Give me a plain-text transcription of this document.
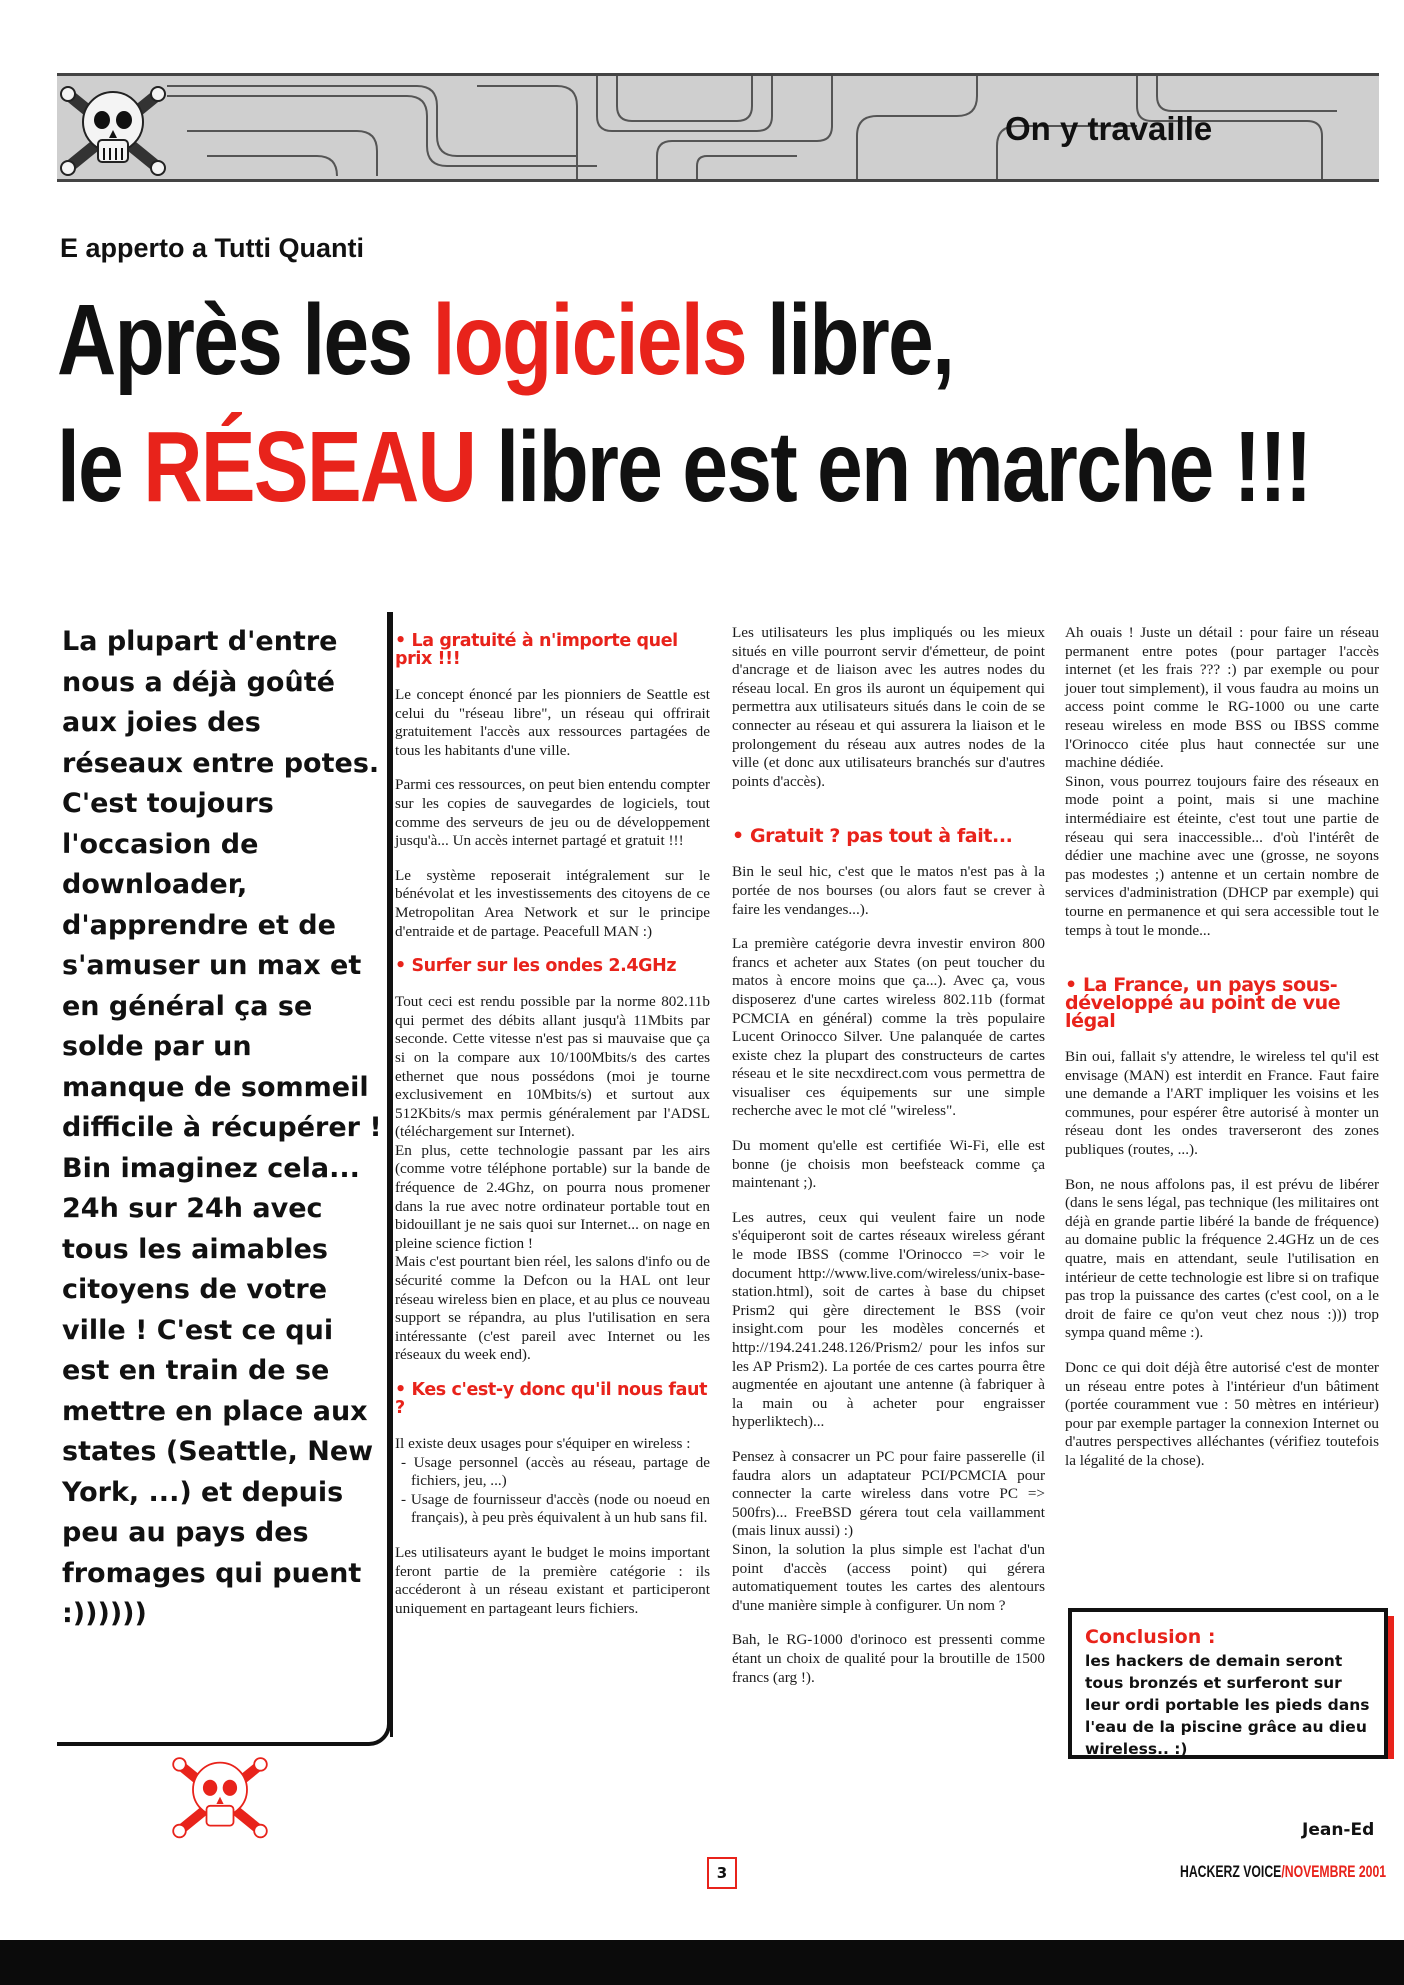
On y travaille
E apperto a Tutti Quanti
Après les logiciels libre,
le RÉSEAU libre est en marche !!!
La plupart d'entre nous a déjà goûté aux joies des réseaux entre potes. C'est toujours l'occasion de downloader, d'apprendre et de s'amuser un max et en général ça se solde par un manque de sommeil difficile à récupérer ! Bin imaginez cela... 24h sur 24h avec tous les aimables citoyens de votre ville ! C'est ce qui est en train de se mettre en place aux states (Seattle, New York, ...) et depuis peu au pays des fromages qui puent :))))))
• La gratuité à n'importe quel prix !!!

Le concept énoncé par les pionniers de Seattle est celui du "réseau libre", un réseau qui offrirait gratuitement l'accès aux ressources partagées de tous les habitants d'une ville.

Parmi ces ressources, on peut bien entendu compter sur les copies de sauvegardes de logiciels, tout comme des serveurs de jeu ou de développement jusqu'à... Un accès internet partagé et gratuit !!!

Le système reposerait intégralement sur le bénévolat et les investissements des citoyens de ce Metropolitan Area Network et sur le principe d'entraide et de partage. Peacefull MAN :)

• Surfer sur les ondes 2.4GHz

Tout ceci est rendu possible par la norme 802.11b qui permet des débits allant jusqu'à 11Mbits par seconde. Cette vitesse n'est pas si mauvaise que ça si on la compare aux 10/100Mbits/s des cartes ethernet que nous possédons (moi je tourne exclusivement en 10Mbits/s) et surtout aux 512Kbits/s max permis généralement par l'ADSL (téléchargement sur Internet).

En plus, cette technologie passant par les airs (comme votre téléphone portable) sur la bande de fréquence de 2.4Ghz, on pourra nous promener dans la rue avec notre ordinateur portable tout en bidouillant je ne sais quoi sur Internet... on nage en pleine science fiction !

Mais c'est pourtant bien réel, les salons d'info ou de sécurité comme la Defcon ou la HAL ont leur réseau wireless bien en place, et au plus ce nouveau support se répandra, au plus l'utilisation en sera intéressante (c'est pareil avec Internet ou les réseaux du week end).

• Kes c'est-y donc qu'il nous faut ?

Il existe deux usages pour s'équiper en wireless :

- Usage personnel (accès au réseau, partage de fichiers, jeu, ...)
- Usage de fournisseur d'accès (node ou noeud en français), à peu près équivalent à un hub sans fil.

Les utilisateurs ayant le budget le moins important feront partie de la première catégorie : ils accéderont à un réseau existant et participeront uniquement en partageant leurs fichiers.

Les utilisateurs les plus impliqués ou les mieux situés en ville pourront servir d'émetteur, de point d'ancrage et de liaison avec les autres nodes du réseau local. En gros ils auront un équipement qui permettra aux utilisateurs situés dans le coin de se connecter au réseau et qui assurera la liaison et le prolongement du réseau aux autres nodes de la ville (et donc aux utilisateurs branchés sur d'autres points d'accès).

• Gratuit ? pas tout à fait...

Bin le seul hic, c'est que le matos n'est pas à la portée de nos bourses (ou alors faut se crever à faire les vendanges...).

La première catégorie devra investir environ 800 francs et acheter aux States (on peut toucher du matos à encore moins que ça...). Avec ça, vous disposerez d'une cartes wireless 802.11b (format PCMCIA en général) comme la très populaire Lucent Orinocco Silver. Une palanquée de cartes existe chez la plupart des constructeurs de cartes réseau et le site necxdirect.com vous permettra de visualiser ces équipements sur une simple recherche avec le mot clé "wireless".

Du moment qu'elle est certifiée Wi-Fi, elle est bonne (je choisis mon beefsteack comme ça maintenant ;).

Les autres, ceux qui veulent faire un node s'équiperont soit de cartes réseaux wireless gérant le mode IBSS (comme l'Orinocco => voir le document http://www.live.com/wireless/unix-base-station.html), soit de cartes à base du chipset Prism2 qui gère directement le BSS (voir insight.com pour les modèles concernés et http://194.241.248.126/Prism2/ pour les infos sur les AP Prism2). La portée de ces cartes pourra être augmentée en ajoutant une antenne (à fabriquer à la main ou à acheter pour engraisser hyperliktech)...

Pensez à consacrer un PC pour faire passerelle (il faudra alors un adaptateur PCI/PCMCIA pour connecter la carte wireless dans votre PC => 500frs)... FreeBSD gérera tout cela vaillamment (mais linux aussi) :)

Sinon, la solution la plus simple est l'achat d'un point d'accès (access point) qui gérera automatiquement toutes les cartes des alentours d'une manière simple à configurer. Un nom ?

Bah, le RG-1000 d'orinoco est pressenti comme étant un choix de qualité pour la broutille de 1500 francs (arg !).

Ah ouais ! Juste un détail : pour faire un réseau permanent entre potes (pour partager l'accès internet (et les frais ??? :) par exemple ou pour jouer tout simplement), il vous faudra au moins un access point comme le RG-1000 ou une carte reseau wireless en mode BSS ou IBSS comme l'Orinocco citée plus haut connectée sur une machine dédiée.

Sinon, vous pourrez toujours faire des réseaux en mode point a point, mais si une machine intermédiaire est éteinte, c'est tout une partie de réseau qui sera inaccessible... d'où l'intérêt de dédier une machine avec une (grosse, ne soyons pas modestes ;) antenne et un certain nombre de services d'administration (DHCP par exemple) qui tourne en permanence et qui sera accessible tout le temps à tout le monde...

• La France, un pays sous-développé au point de vue légal

Bin oui, fallait s'y attendre, le wireless tel qu'il est envisage (MAN) est interdit en France. Faut faire une demande a l'ART impliquer les voisins et les communes, pour espérer être autorisé à monter un réseau dont les ondes traverseront des zones publiques (routes, ...).

Bon, ne nous affolons pas, il est prévu de libérer (dans le sens légal, pas technique (les militaires ont déjà en grande partie libéré la bande de fréquence) au domaine public la fréquence 2.4GHz un de ces quatre, mais en attendant, seule l'utilisation en intérieur de cette technologie est libre si on trafique pas trop la puissance des cartes (c'est cool, on a le droit de faire ce qu'on veut chez nous :))) trop sympa quand même :).

Donc ce qui doit déjà être autorisé c'est de monter un réseau entre potes à l'intérieur d'un bâtiment (portée couramment vue : 50 mètres en intérieur) pour par exemple partager la connexion Internet ou d'autres perspectives alléchantes (vérifiez toutefois la légalité de la chose).

Conclusion :
les hackers de demain seront tous bronzés et surferont sur leur ordi portable les pieds dans l'eau de la piscine grâce au dieu wireless.. :)
Jean-Ed
3	HACKERZ VOICE/NOVEMBRE 2001
